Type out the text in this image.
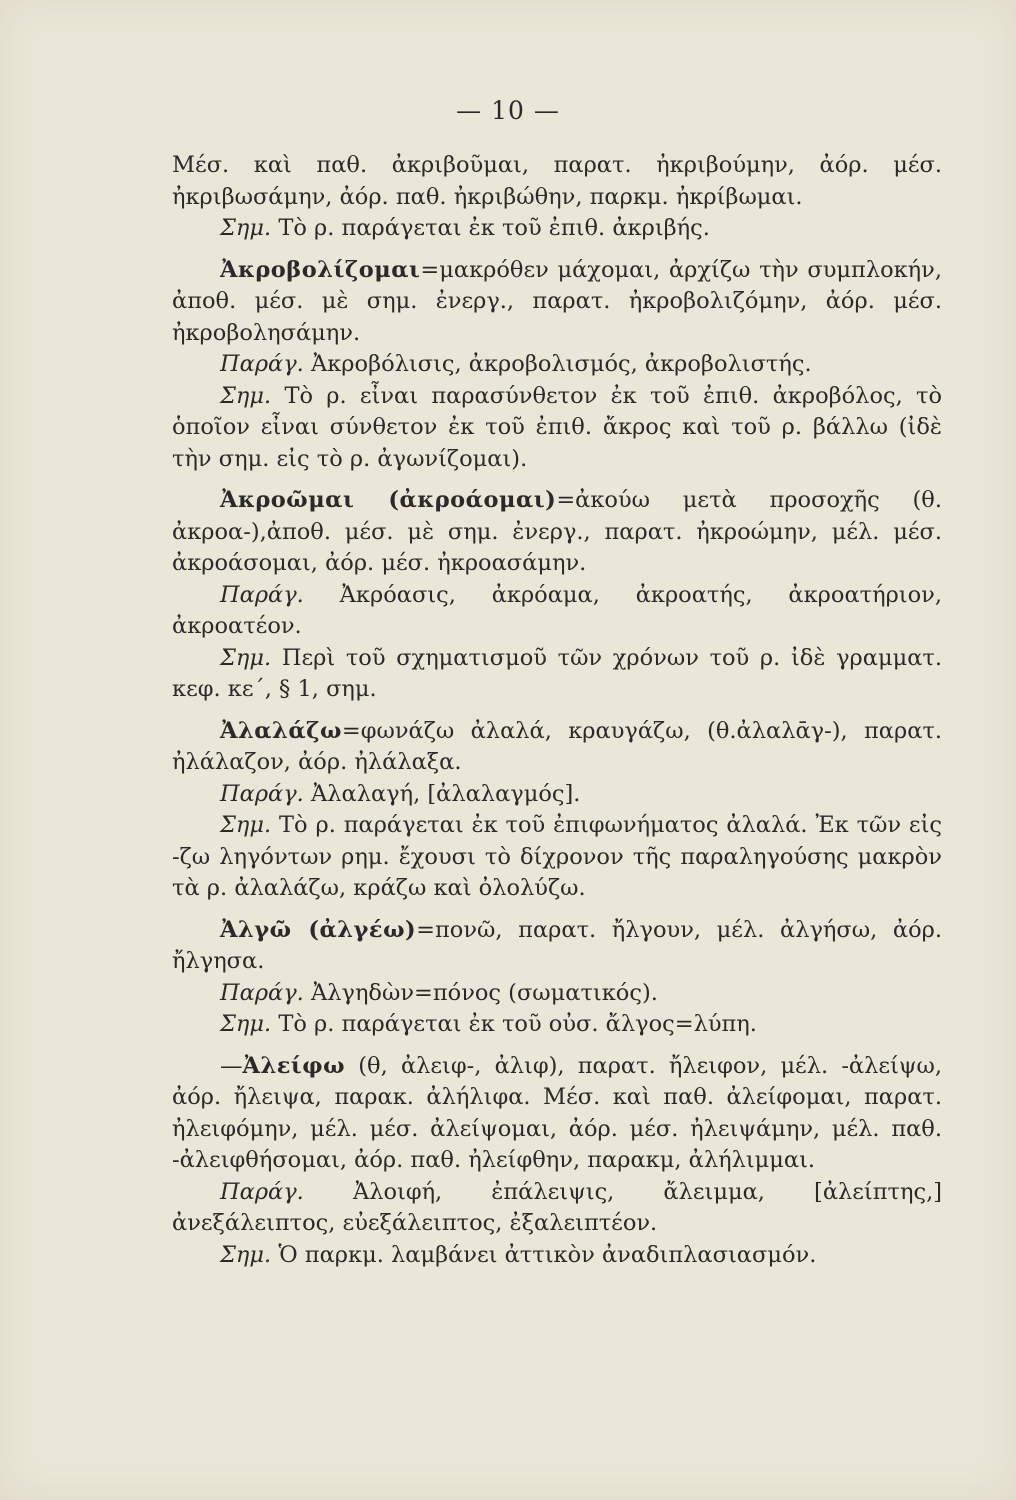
— 10 —

Μέσ. καὶ παθ. ἀκριβοῦμαι, παρατ. ἠκριβούμην, ἀόρ. μέσ. ἠκριβωσάμην, ἀόρ. παθ. ἠκριβώθην, παρκμ. ἠκρίβωμαι.

Σημ. Τὸ ρ. παράγεται ἐκ τοῦ ἐπιθ. ἀκριβής.

Ἀκροβολίζομαι=μακρόθεν μάχομαι, ἀρχίζω τὴν συμπλοκήν, ἀποθ. μέσ. μὲ σημ. ἐνεργ., παρατ. ἠκροβολιζόμην, ἀόρ. μέσ. ἠκροβολησάμην.

Παράγ. Ἀκροβόλισις, ἀκροβολισμός, ἀκροβολιστής.

Σημ. Τὸ ρ. εἶναι παρασύνθετον ἐκ τοῦ ἐπιθ. ἀκροβόλος, τὸ ὁποῖον εἶναι σύνθετον ἐκ τοῦ ἐπιθ. ἄκρος καὶ τοῦ ρ. βάλλω (ἰδὲ τὴν σημ. εἰς τὸ ρ. ἀγωνίζομαι).

Ἀκροῶμαι (ἀκροάομαι)=ἀκούω μετὰ προσοχῆς (θ. ἀκροα-),ἀποθ. μέσ. μὲ σημ. ἐνεργ., παρατ. ἠκροώμην, μέλ. μέσ. ἀκροάσομαι, ἀόρ. μέσ. ἠκροασάμην.

Παράγ. Ἀκρόασις, ἀκρόαμα, ἀκροατής, ἀκροατήριον, ἀκροατέον.

Σημ. Περὶ τοῦ σχηματισμοῦ τῶν χρόνων τοῦ ρ. ἰδὲ γραμματ. κεφ. κε΄, § 1, σημ.

Ἀλαλάζω=φωνάζω ἀλαλά, κραυγάζω, (θ.ἀλαλᾱγ-), παρατ. ἠλάλαζον, ἀόρ. ἠλάλαξα.

Παράγ. Ἀλαλαγή, [ἀλαλαγμός].

Σημ. Τὸ ρ. παράγεται ἐκ τοῦ ἐπιφωνήματος ἀλαλά. Ἐκ τῶν εἰς -ζω ληγόντων ρημ. ἔχουσι τὸ δίχρονον τῆς παραληγούσης μακρὸν τὰ ρ. ἀλαλάζω, κράζω καὶ ὀλολύζω.

Ἀλγῶ (ἀλγέω)=πονῶ, παρατ. ἤλγουν, μέλ. ἀλγήσω, ἀόρ. ἤλγησα.

Παράγ. Ἀλγηδὼν=πόνος (σωματικός).

Σημ. Τὸ ρ. παράγεται ἐκ τοῦ οὐσ. ἄλγος=λύπη.

—Ἀλείφω (θ, ἀλειφ-, ἀλιφ), παρατ. ἤλειφον, μέλ. -ἀλείψω, ἀόρ. ἤλειψα, παρακ. ἀλήλιφα. Μέσ. καὶ παθ. ἀλείφομαι, παρατ. ἠλειφόμην, μέλ. μέσ. ἀλείψομαι, ἀόρ. μέσ. ἠλειψάμην, μέλ. παθ. -ἀλειφθήσομαι, ἀόρ. παθ. ἠλείφθην, παρακμ, ἀλήλιμμαι.

Παράγ. Ἀλοιφή, ἐπάλειψις, ἄλειμμα, [ἀλείπτης,] ἀνεξάλειπτος, εὐεξάλειπτος, ἐξαλειπτέον.

Σημ. Ὁ παρκμ. λαμβάνει ἀττικὸν ἀναδιπλασιασμόν.
